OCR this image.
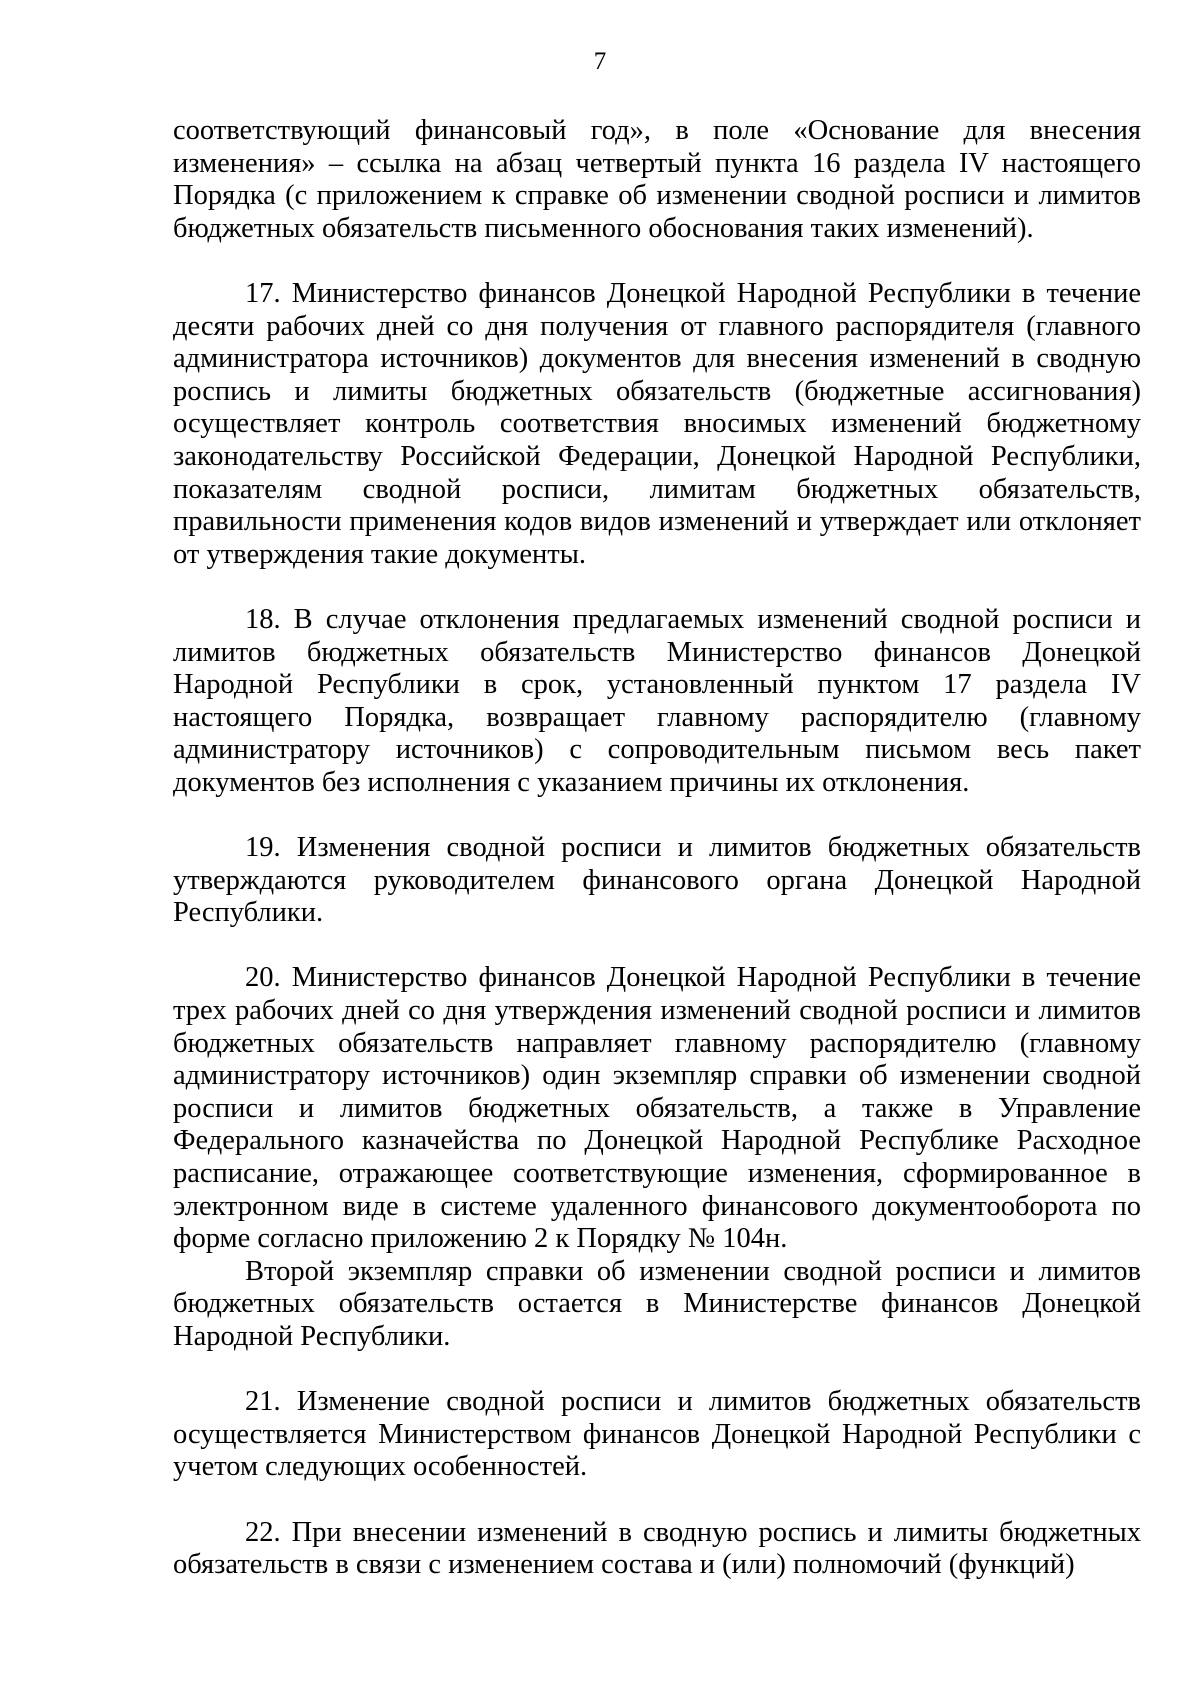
7

соответствующий финансовый год», в поле «Основание для внесения изменения» – ссылка на абзац четвертый пункта 16 раздела IV настоящего Порядка (с приложением к справке об изменении сводной росписи и лимитов бюджетных обязательств письменного обоснования таких изменений).

17. Министерство финансов Донецкой Народной Республики в течение десяти рабочих дней со дня получения от главного распорядителя (главного администратора источников) документов для внесения изменений в сводную роспись и лимиты бюджетных обязательств (бюджетные ассигнования) осуществляет контроль соответствия вносимых изменений бюджетному законодательству Российской Федерации, Донецкой Народной Республики, показателям сводной росписи, лимитам бюджетных обязательств, правильности применения кодов видов изменений и утверждает или отклоняет от утверждения такие документы.

18. В случае отклонения предлагаемых изменений сводной росписи и лимитов бюджетных обязательств Министерство финансов Донецкой Народной Республики в срок, установленный пунктом 17 раздела IV настоящего Порядка, возвращает главному распорядителю (главному администратору источников) с сопроводительным письмом весь пакет документов без исполнения с указанием причины их отклонения.

19. Изменения сводной росписи и лимитов бюджетных обязательств утверждаются руководителем финансового органа Донецкой Народной Республики.

20. Министерство финансов Донецкой Народной Республики в течение трех рабочих дней со дня утверждения изменений сводной росписи и лимитов бюджетных обязательств направляет главному распорядителю (главному администратору источников) один экземпляр справки об изменении сводной росписи и лимитов бюджетных обязательств, а также в Управление Федерального казначейства по Донецкой Народной Республике Расходное расписание, отражающее соответствующие изменения, сформированное в электронном виде в системе удаленного финансового документооборота по форме согласно приложению 2 к Порядку № 104н.

Второй экземпляр справки об изменении сводной росписи и лимитов бюджетных обязательств остается в Министерстве финансов Донецкой Народной Республики.

21. Изменение сводной росписи и лимитов бюджетных обязательств осуществляется Министерством финансов Донецкой Народной Республики с учетом следующих особенностей.

22. При внесении изменений в сводную роспись и лимиты бюджетных обязательств в связи с изменением состава и (или) полномочий (функций)
